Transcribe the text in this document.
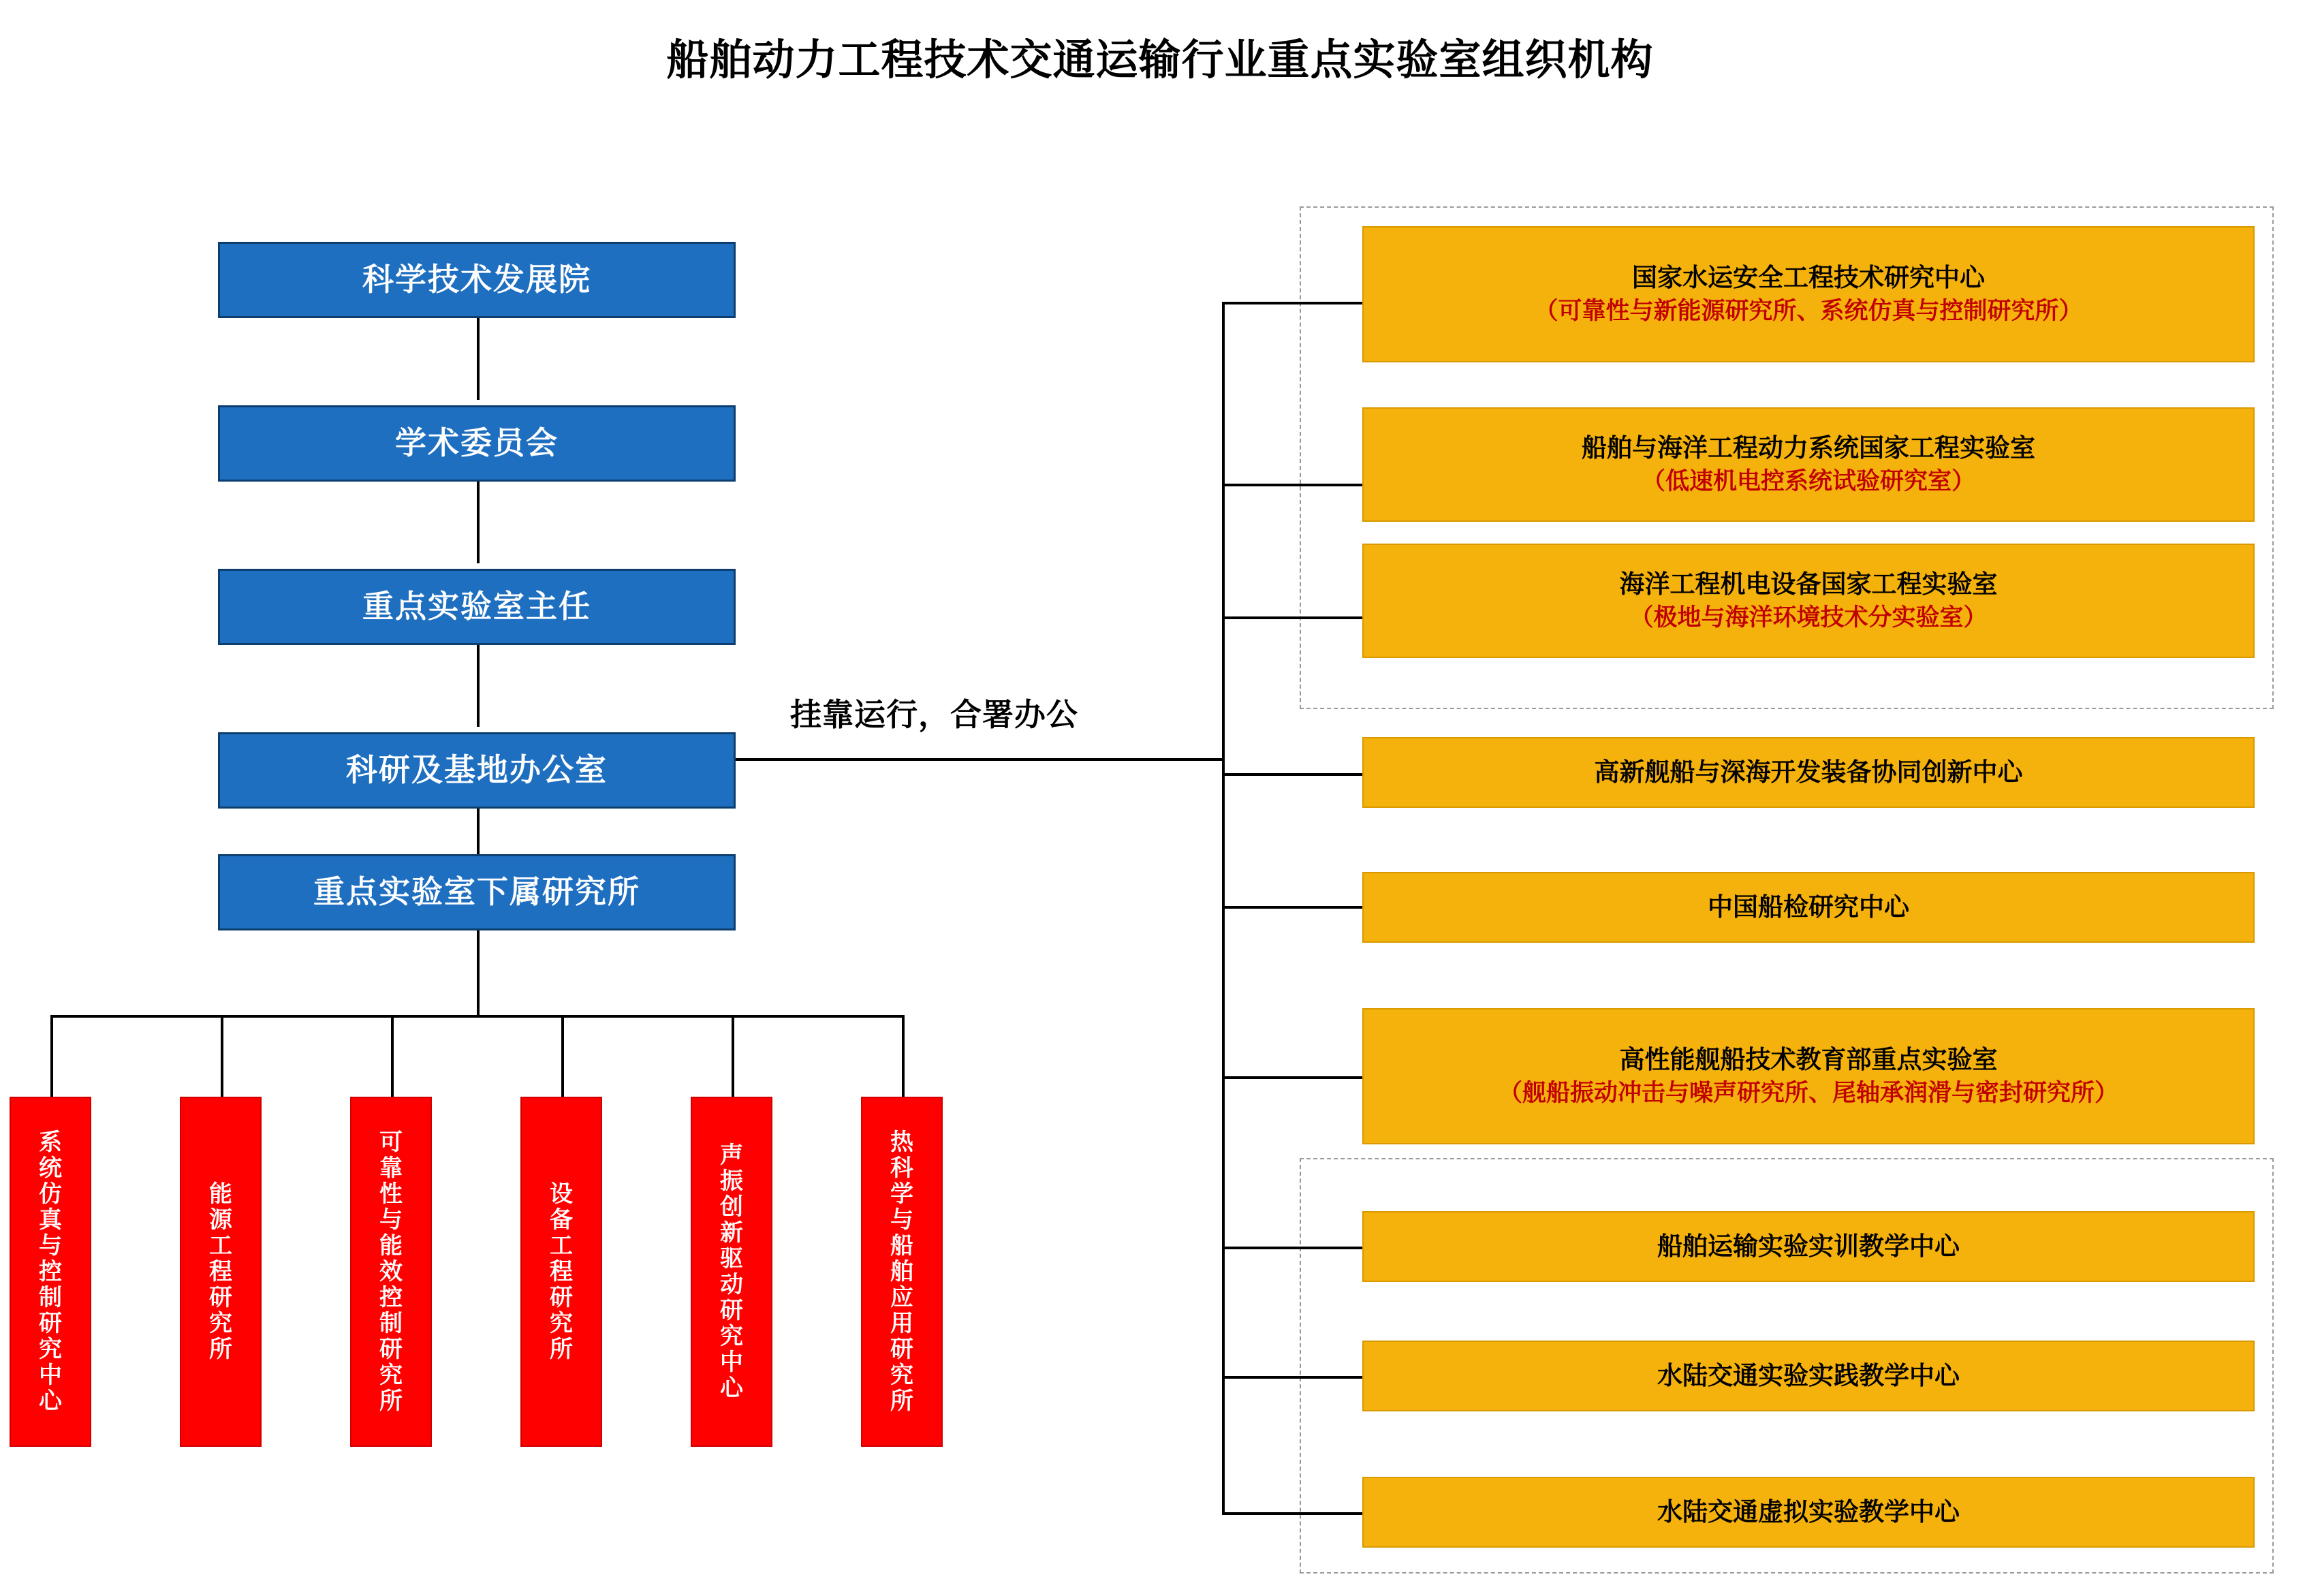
船舶动力工程技术交通运输行业重点实验室组织机构
挂靠运行，合署办公
科学技术发展院
学术委员会
重点实验室主任
科研及基地办公室
重点实验室下属研究所
系
统
仿
真
与
控
制
研
究
中
心
能
源
工
程
研
究
所
可
靠
性
与
能
效
控
制
研
究
所
设
备
工
程
研
究
所
声
振
创
新
驱
动
研
究
中
心
热
科
学
与
船
舶
应
用
研
究
所
国家水运安全工程技术研究中心
（可靠性与新能源研究所、系统仿真与控制研究所）
船舶与海洋工程动力系统国家工程实验室
（低速机电控系统试验研究室）
海洋工程机电设备国家工程实验室
（极地与海洋环境技术分实验室）
高新舰船与深海开发装备协同创新中心
中国船检研究中心
高性能舰船技术教育部重点实验室
（舰船振动冲击与噪声研究所、尾轴承润滑与密封研究所）
船舶运输实验实训教学中心
水陆交通实验实践教学中心
水陆交通虚拟实验教学中心
